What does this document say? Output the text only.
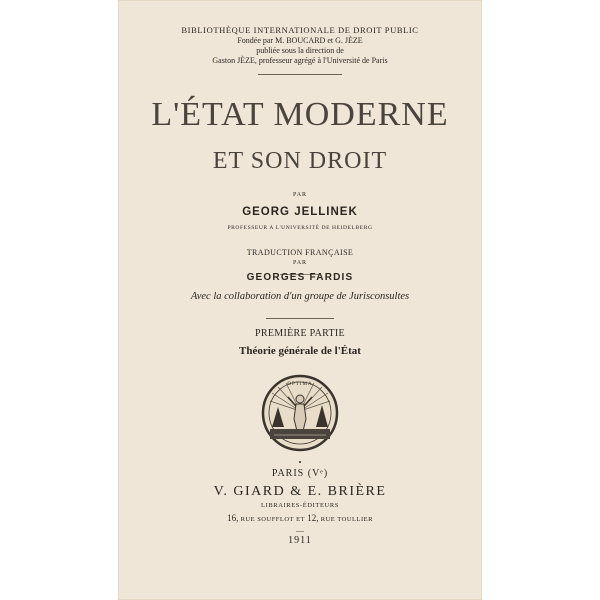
BIBLIOTHÈQUE INTERNATIONALE DE DROIT PUBLIC
Fondée par M. BOUCARD et G. JÈZE
publiée sous la direction de
Gaston JÈZE, professeur agrégé à l'Université de Paris
L'ÉTAT MODERNE
ET SON DROIT
PAR
GEORG JELLINEK
PROFESSEUR A L'UNIVERSITÉ DE HEIDELBERG
TRADUCTION FRANÇAISE
PAR
GEORGES FARDIS
Avec la collaboration d'un groupe de Jurisconsultes
PREMIÈRE PARTIE
Théorie générale de l'État
OPTIMA
•
PARIS (Vᵉ)
V. GIARD & E. BRIÈRE
LIBRAIRES-ÉDITEURS
16, RUE SOUFFLOT ET 12, RUE TOULLIER
—
1911
